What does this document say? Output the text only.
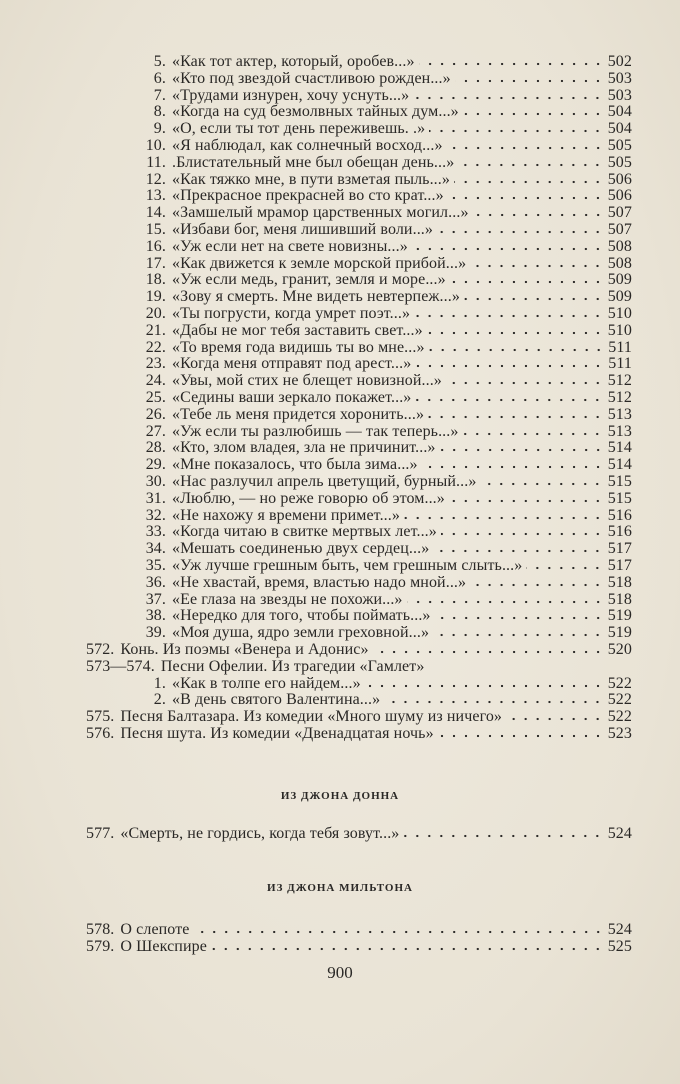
5. «Как тот актер, который, оробев...»	502
6. «Кто под звездой счастливою рожден...»	503
7. «Трудами изнурен, хочу уснуть...»	503
8. «Когда на суд безмолвных тайных дум...»	504
9. «О, если ты тот день переживешь. .»	504
10. «Я наблюдал, как солнечный восход...»	505
11. .Блистательный мне был обещан день...»	505
12. «Как тяжко мне, в пути взметая пыль...»	506
13. «Прекрасное прекрасней во сто крат...»	506
14. «Замшелый мрамор царственных могил...»	507
15. «Избави бог, меня лишивший воли...»	507
16. «Уж если нет на свете новизны...»	508
17. «Как движется к земле морской прибой...»	508
18. «Уж если медь, гранит, земля и море...»	509
19. «Зову я смерть. Мне видеть невтерпеж...»	509
20. «Ты погрусти, когда умрет поэт...»	510
21. «Дабы не мог тебя заставить свет...»	510
22. «То время года видишь ты во мне...»	511
23. «Когда меня отправят под арест...»	511
24. «Увы, мой стих не блещет новизной...»	512
25. «Седины ваши зеркало покажет...»	512
26. «Тебе ль меня придется хоронить...»	513
27. «Уж если ты разлюбишь — так теперь...»	513
28. «Кто, злом владея, зла не причинит...»	514
29. «Мне показалось, что была зима...»	514
30. «Нас разлучил апрель цветущий, бурный...»	515
31. «Люблю, — но реже говорю об этом...»	515
32. «Не нахожу я времени примет...»	516
33. «Когда читаю в свитке мертвых лет...»	516
34. «Мешать соединенью двух сердец...»	517
35. «Уж лучше грешным быть, чем грешным слыть...»	517
36. «Не хвастай, время, властью надо мной...»	518
37. «Ее глаза на звезды не похожи...»	518
38. «Нередко для того, чтобы поймать...»	519
39. «Моя душа, ядро земли греховной...»	519
572. Конь. Из поэмы «Венера и Адонис»	520
573—574. Песни Офелии. Из трагедии «Гамлет»
1. «Как в толпе его найдем...»	522
2. «В день святого Валентина...»	522
575. Песня Балтазара. Из комедии «Много шуму из ничего»	522
576. Песня шута. Из комедии «Двенадцатая ночь»	523
577. «Смерть, не гордись, когда тебя зовут...»	524
578. О слепоте	524
579. О Шекспире	525
ИЗ ДЖОНА ДОННА
ИЗ ДЖОНА МИЛЬТОНА
900
